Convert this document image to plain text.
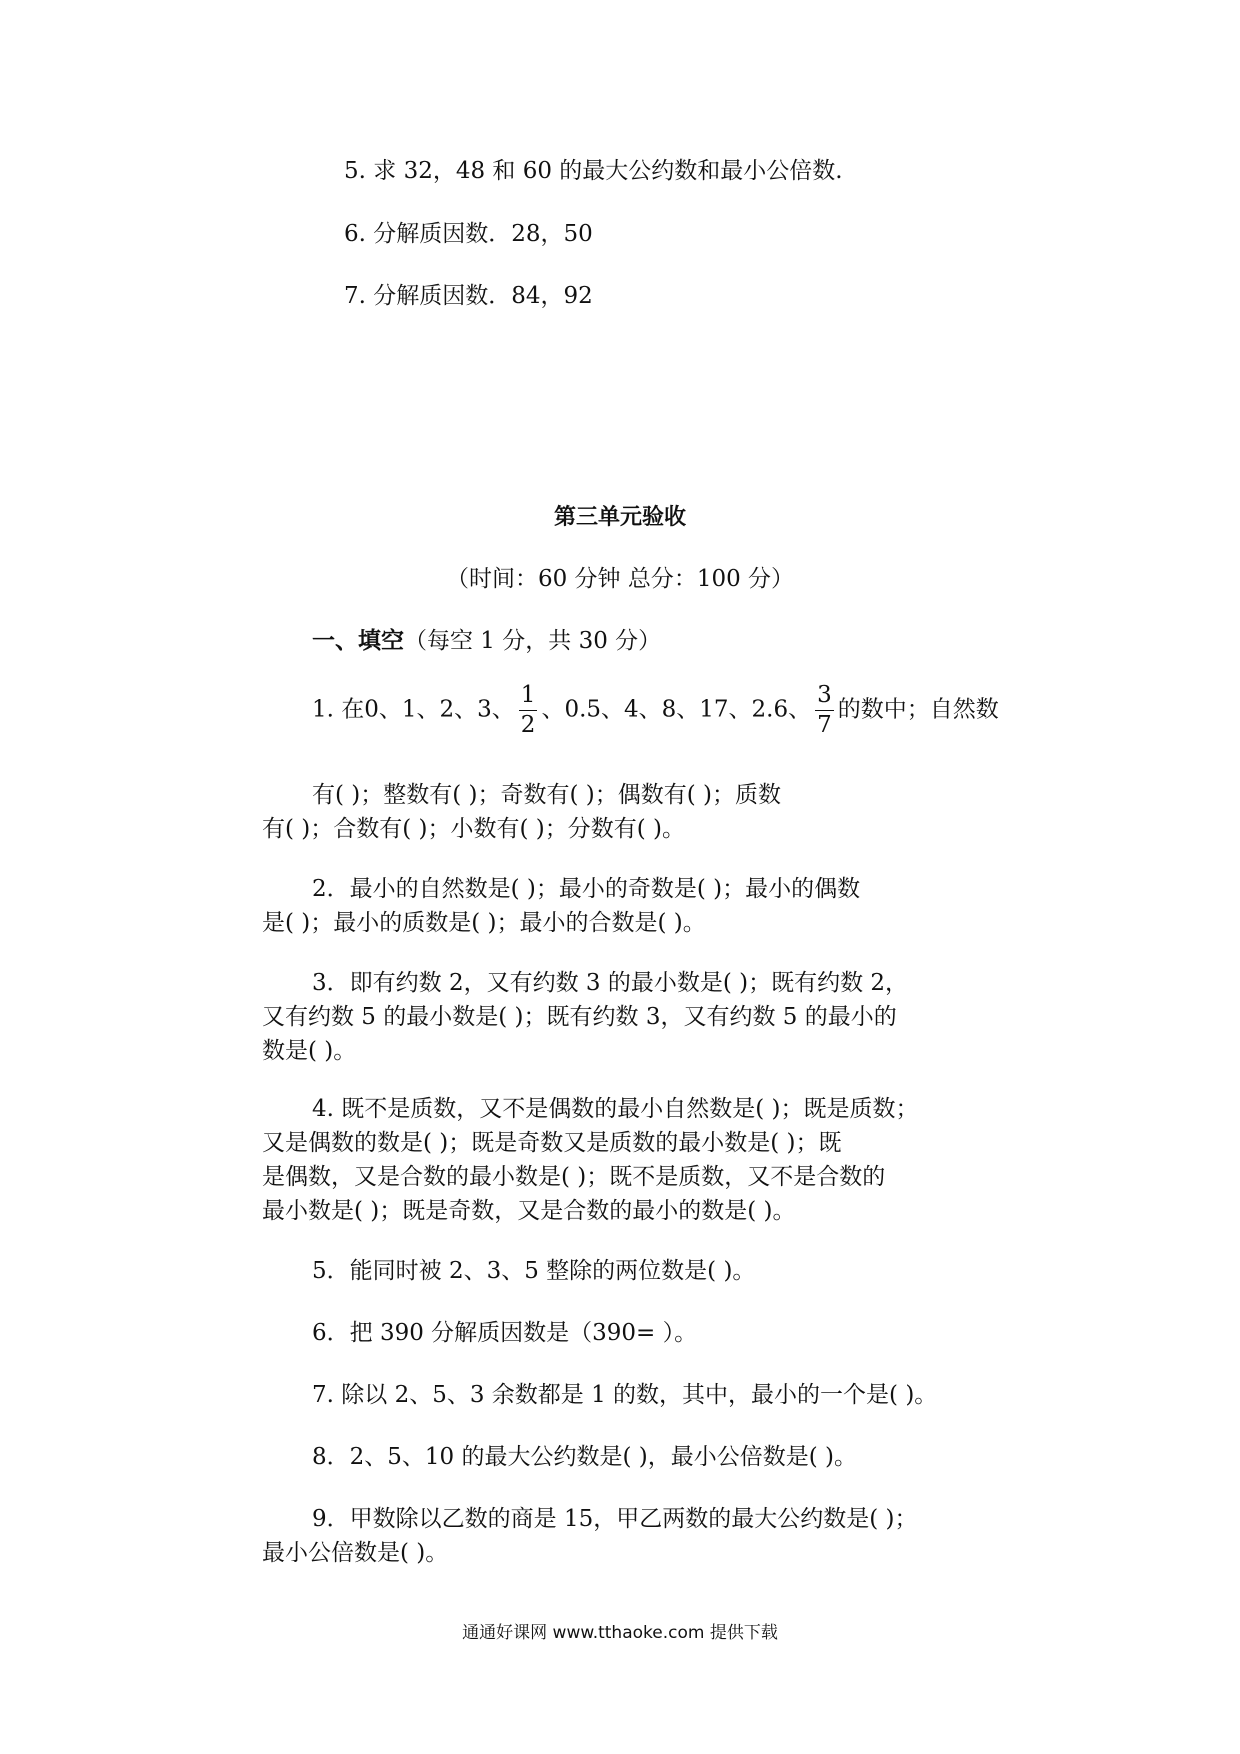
5. 求 32，48 和 60 的最大公约数和最小公倍数.
6. 分解质因数．28，50
7. 分解质因数．84，92
第三单元验收
（时间：60 分钟 总分：100 分）
一、填空（每空 1 分，共 30 分）
1. 在0、1、2、3、 $\frac{1}{2}$ 、0.5、4、8、17、2.6、 $\frac{3}{7}$ 的数中；自然数
有( )；整数有( )；奇数有( )；偶数有( )；质数
有( )；合数有( )；小数有( )；分数有( )。
2．最小的自然数是( )；最小的奇数是( )；最小的偶数
是( )；最小的质数是( )；最小的合数是( )。
3．即有约数 2，又有约数 3 的最小数是( )；既有约数 2，
又有约数 5 的最小数是( )；既有约数 3，又有约数 5 的最小的
数是( )。
4. 既不是质数，又不是偶数的最小自然数是( )；既是质数；
又是偶数的数是( )；既是奇数又是质数的最小数是( )；既
是偶数，又是合数的最小数是( )；既不是质数，又不是合数的
最小数是( )；既是奇数，又是合数的最小的数是( )。
5．能同时被 2、3、5 整除的两位数是( )。
6．把 390 分解质因数是（390= ）。
7. 除以 2、5、3 余数都是 1 的数，其中，最小的一个是( )。
8．2、5、10 的最大公约数是( )，最小公倍数是( )。
9．甲数除以乙数的商是 15，甲乙两数的最大公约数是( )；
最小公倍数是( )。
通通好课网 www.tthaoke.com 提供下载
